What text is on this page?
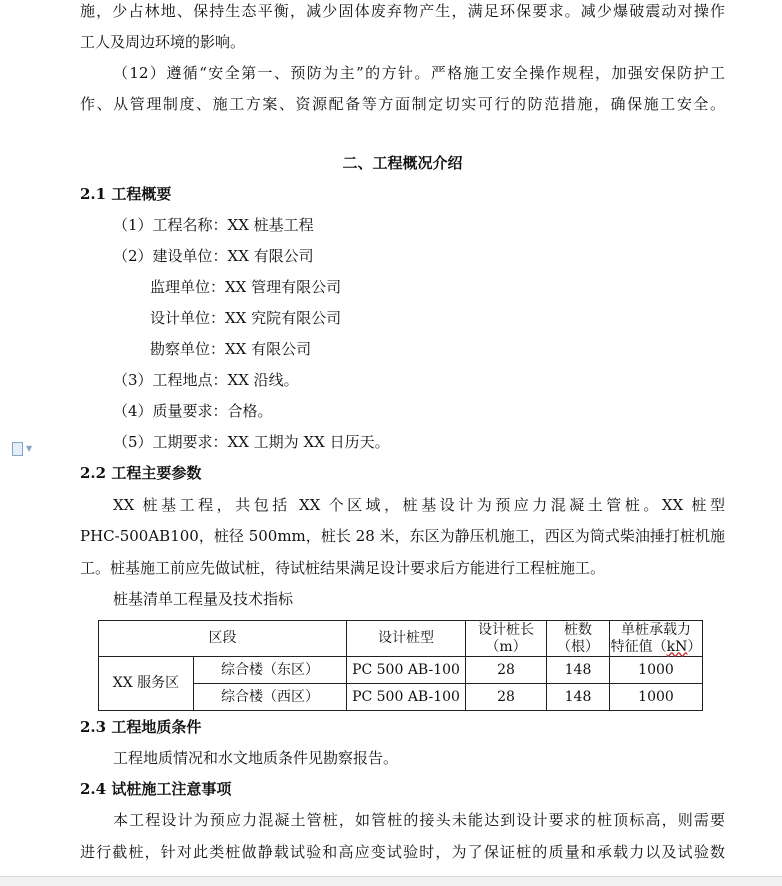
施，少占林地、保持生态平衡，减少固体废弃物产生，满足环保要求。减少爆破震动对操作

工人及周边环境的影响。

（12）遵循“安全第一、预防为主”的方针。严格施工安全操作规程，加强安保防护工

作、从管理制度、施工方案、资源配备等方面制定切实可行的防范措施，确保施工安全。

二、工程概况介绍

2.1 工程概要

（1）工程名称：XX 桩基工程

（2）建设单位：XX 有限公司

监理单位：XX 管理有限公司

设计单位：XX 究院有限公司

勘察单位：XX 有限公司

（3）工程地点：XX 沿线。

（4）质量要求：合格。

（5）工期要求：XX 工期为 XX 日历天。

▼

2.2 工程主要参数

XX 桩基工程，共包括 XX 个区域，桩基设计为预应力混凝土管桩。XX 桩型

PHC-500AB100，桩径 500mm，桩长 28 米，东区为静压机施工，西区为筒式柴油捶打桩机施

工。桩基施工前应先做试桩，待试桩结果满足设计要求后方能进行工程桩施工。

桩基清单工程量及技术指标

区段		设计桩型	设计桩长
（m）	桩数
（根）	单桩承载力
特征值（kN）
XX 服务区	综合楼（东区）	PC 500 AB-100	28	148	1000
	综合楼（西区）	PC 500 AB-100	28	148	1000

2.3 工程地质条件

工程地质情况和水文地质条件见勘察报告。

2.4 试桩施工注意事项

本工程设计为预应力混凝土管桩，如管桩的接头未能达到设计要求的桩顶标高，则需要

进行截桩，针对此类桩做静载试验和高应变试验时，为了保证桩的质量和承载力以及试验数
